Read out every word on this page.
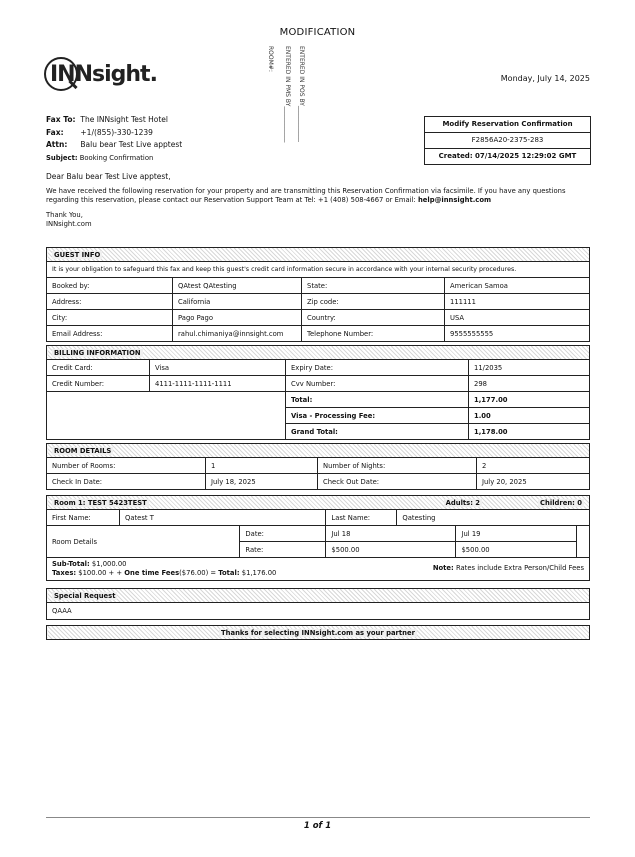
MODIFICATION
INNsight.
ROOM#: ENTERED IN PMS BY____________
ENTERED IN POS BY____________
Monday, July 14, 2025
Fax To: The INNsight Test Hotel
Fax: +1/(855)-330-1239
Attn: Balu bear Test Live apptest
Subject: Booking Confirmation
Modify Reservation Confirmation
F2856A20-2375-283
Created: 07/14/2025 12:29:02 GMT

Dear Balu bear Test Live apptest,

We have received the following reservation for your property and are transmitting this Reservation Confirmation via facsimile. If you have any questions regarding this reservation, please contact our Reservation Support Team at Tel: +1 (408) 508-4667 or Email: help@innsight.com

Thank You,
INNsight.com
GUEST INFO			
It is your obligation to safeguard this fax and keep this guest's credit card information secure in accordance with your internal security procedures.			
Booked by:	QAtest QAtesting	State:	American Samoa
Address:	California	Zip code:	111111
City:	Pago Pago	Country:	USA
Email Address:	rahul.chimaniya@innsight.com	Telephone Number:	9555555555
BILLING INFORMATION			
Credit Card:	Visa	Expiry Date:	11/2035
Credit Number:	4111-1111-1111-1111	Cvv Number:	298
		Total:	1,177.00
		Visa - Processing Fee:	1.00
		Grand Total:	1,178.00
ROOM DETAILS			
Number of Rooms:	1	Number of Nights:	2
Check In Date:	July 18, 2025	Check Out Date:	July 20, 2025
Room 1: TEST 5423TEST Children: 0
Adults: 2						

First Name:	Qatest T		Last Name:	Qatesting		
Room Details		Date:	Jul 18		Jul 19	
		Rate:	$500.00		$500.00	

Note: Rates include Extra Person/Child Fees
Sub-Total: $1,000.00
Taxes: $100.00 + + One time Fees($76.00) = Total: $1,176.00						
Special Request
QAAA
Thanks for selecting INNsight.com as your partner
1 of 1
